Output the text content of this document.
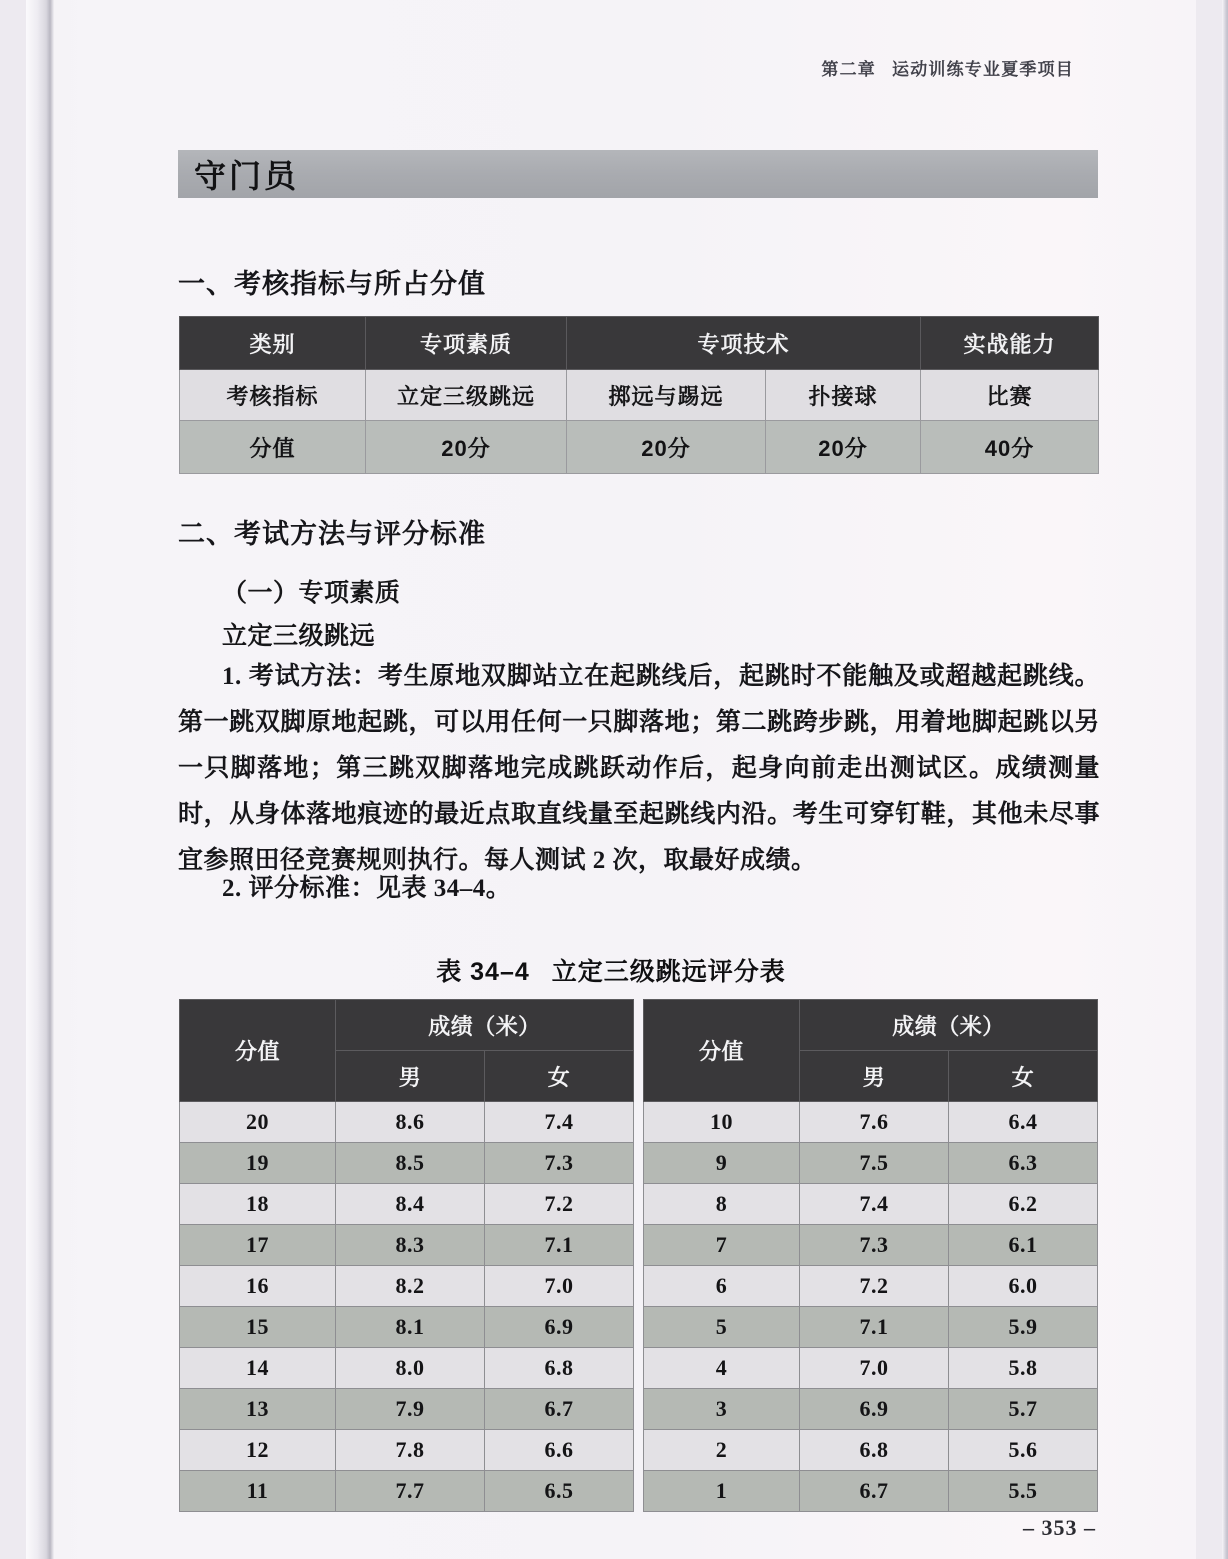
第二章 运动训练专业夏季项目
守门员
一、考核指标与所占分值
类别	专项素质	专项技术		实战能力
考核指标	立定三级跳远	掷远与踢远	扑接球	比赛
分值	20分	20分	20分	40分
二、考试方法与评分标准
（一）专项素质
立定三级跳远
1. 考试方法：考生原地双脚站立在起跳线后，起跳时不能触及或超越起跳线。第一跳双脚原地起跳，可以用任何一只脚落地；第二跳跨步跳，用着地脚起跳以另一只脚落地；第三跳双脚落地完成跳跃动作后，起身向前走出测试区。成绩测量时，从身体落地痕迹的最近点取直线量至起跳线内沿。考生可穿钉鞋，其他未尽事宜参照田径竞赛规则执行。每人测试 2 次，取最好成绩。
2. 评分标准：见表 34–4。
表 34–4 立定三级跳远评分表
分值	成绩（米）	
	男	女
20	8.6	7.4
19	8.5	7.3
18	8.4	7.2
17	8.3	7.1
16	8.2	7.0
15	8.1	6.9
14	8.0	6.8
13	7.9	6.7
12	7.8	6.6
11	7.7	6.5
分值	成绩（米）	
	男	女
10	7.6	6.4
9	7.5	6.3
8	7.4	6.2
7	7.3	6.1
6	7.2	6.0
5	7.1	5.9
4	7.0	5.8
3	6.9	5.7
2	6.8	5.6
1	6.7	5.5
– 353 –
